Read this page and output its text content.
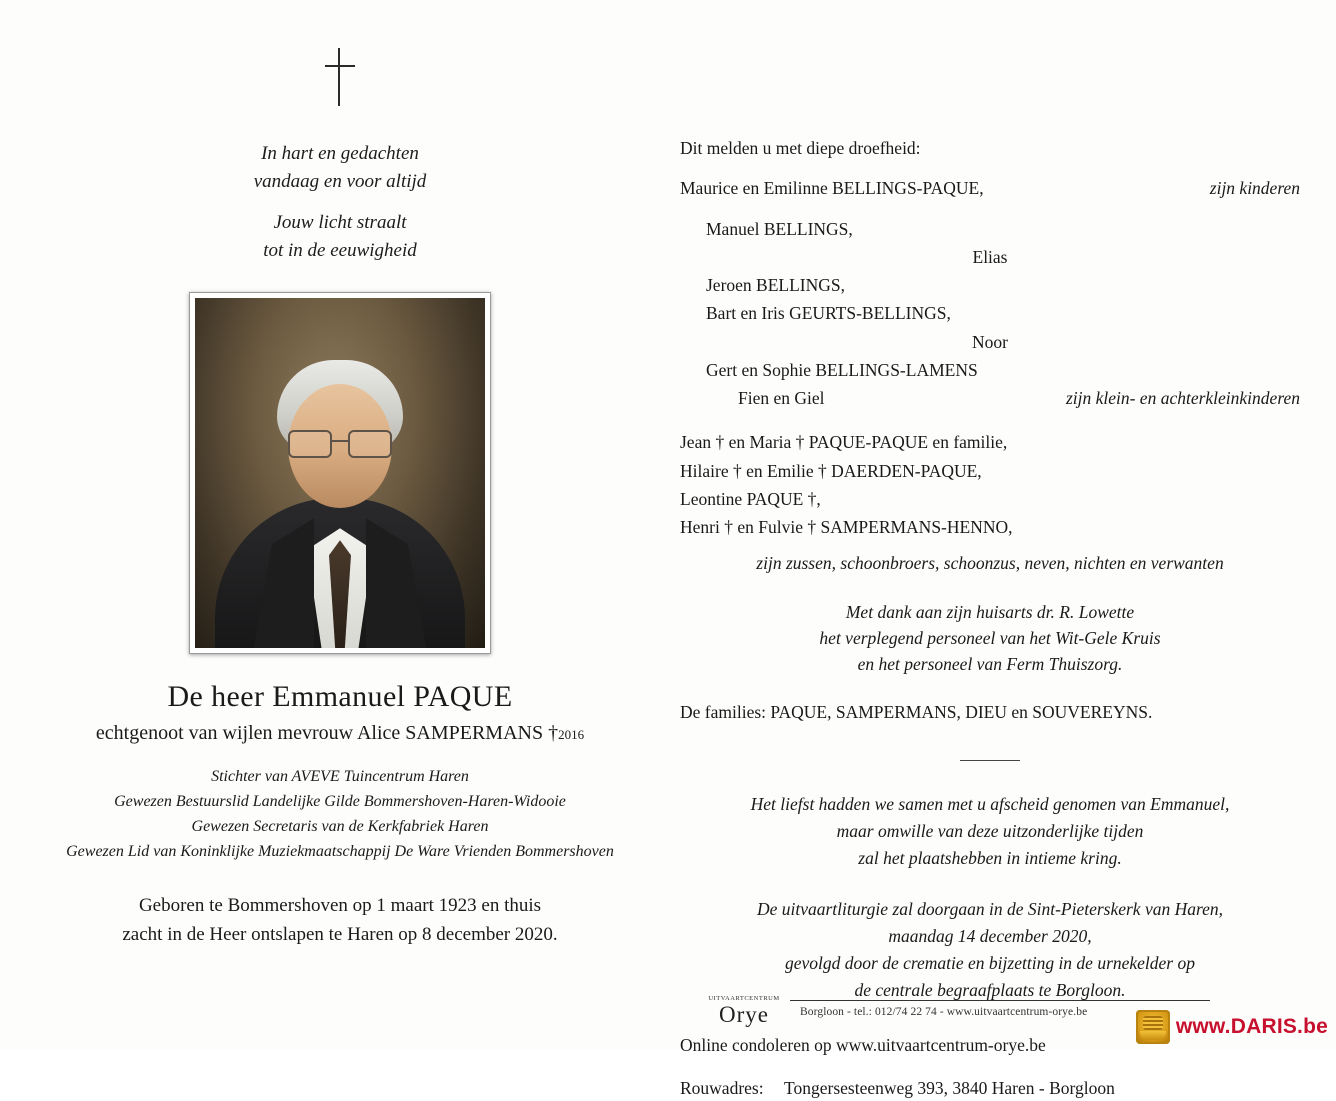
In hart en gedachten
vandaag en voor altijd
Jouw licht straalt
tot in de eeuwigheid
De heer Emmanuel PAQUE
echtgenoot van wijlen mevrouw Alice SAMPERMANS †2016
Stichter van AVEVE Tuincentrum Haren
Gewezen Bestuurslid Landelijke Gilde Bommershoven-Haren-Widooie
Gewezen Secretaris van de Kerkfabriek Haren
Gewezen Lid van Koninklijke Muziekmaatschappij De Ware Vrienden Bommershoven
Geboren te Bommershoven op 1 maart 1923 en thuis
zacht in de Heer ontslapen te Haren op 8 december 2020.

Dit melden u met diepe droefheid:

Maurice en Emilinne BELLINGS-PAQUE,	zijn kinderen
Manuel BELLINGS,
Elias
Jeroen BELLINGS,
Bart en Iris GEURTS-BELLINGS,
Noor
Gert en Sophie BELLINGS-LAMENS
Fien en Giel	zijn klein- en achterkleinkinderen
Jean † en Maria † PAQUE-PAQUE en familie,
Hilaire † en Emilie † DAERDEN-PAQUE,
Leontine PAQUE †,
Henri † en Fulvie † SAMPERMANS-HENNO,
zijn zussen, schoonbroers, schoonzus, neven, nichten en verwanten
Met dank aan zijn huisarts dr. R. Lowette
het verplegend personeel van het Wit-Gele Kruis
en het personeel van Ferm Thuiszorg.
De families: PAQUE, SAMPERMANS, DIEU en SOUVEREYNS.
Het liefst hadden we samen met u afscheid genomen van Emmanuel,
maar omwille van deze uitzonderlijke tijden
zal het plaatshebben in intieme kring.
De uitvaartliturgie zal doorgaan in de Sint-Pieterskerk van Haren,
maandag 14 december 2020,
gevolgd door de crematie en bijzetting in de urnekelder op
de centrale begraafplaats te Borgloon.
Online condoleren op www.uitvaartcentrum-orye.be
Rouwadres: Tongersesteenweg 393, 3840 Haren - Borgloon
UITVAARTCENTRUM
Orye	Borgloon - tel.: 012/74 22 74 - www.uitvaartcentrum-orye.be
www.DARIS.be
